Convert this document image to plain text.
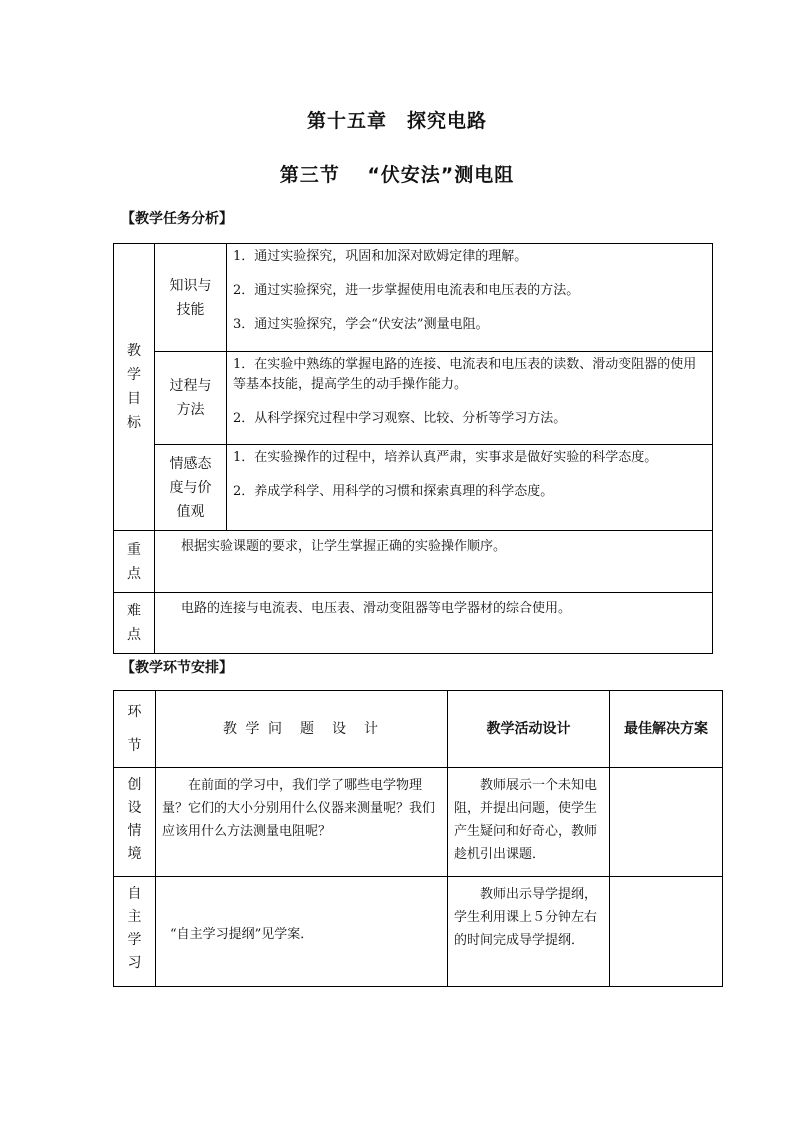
第十五章　探究电路
第三节　 “伏安法”测电阻
【教学任务分析】
教学目标	知识与技能	1．通过实验探究，巩固和加深对欧姆定律的理解。

2．通过实验探究，进一步掌握使用电流表和电压表的方法。

3．通过实验探究，学会“伏安法”测量电阻。

	过程与方法	1．在实验中熟练的掌握电路的连接、电流表和电压表的读数、滑动变阻器的使用等基本技能，提高学生的动手操作能力。

2．从科学探究过程中学习观察、比较、分析等学习方法。

	情感态度与价值观	1．在实验操作的过程中，培养认真严肃，实事求是做好实验的科学态度。

2．养成学科学、用科学的习惯和探索真理的科学态度。

重点	根据实验课题的要求，让学生掌握正确的实验操作顺序。	

难点	电路的连接与电流表、电压表、滑动变阻器等电学器材的综合使用。	
【教学环节安排】
环节	教 学 问　题　设　计	教学活动设计	最佳解决方案

创设情境	在前面的学习中，我们学了哪些电学物理量？它们的大小分别用什么仪器来测量呢？我们应该用什么方法测量电阻呢？	教师展示一个未知电阻，并提出问题，使学生产生疑问和好奇心，教师趁机引出课题．	

自主学习	“自主学习提纲”见学案．	教师出示导学提纲，学生利用课上５分钟左右的时间完成导学提纲．	
